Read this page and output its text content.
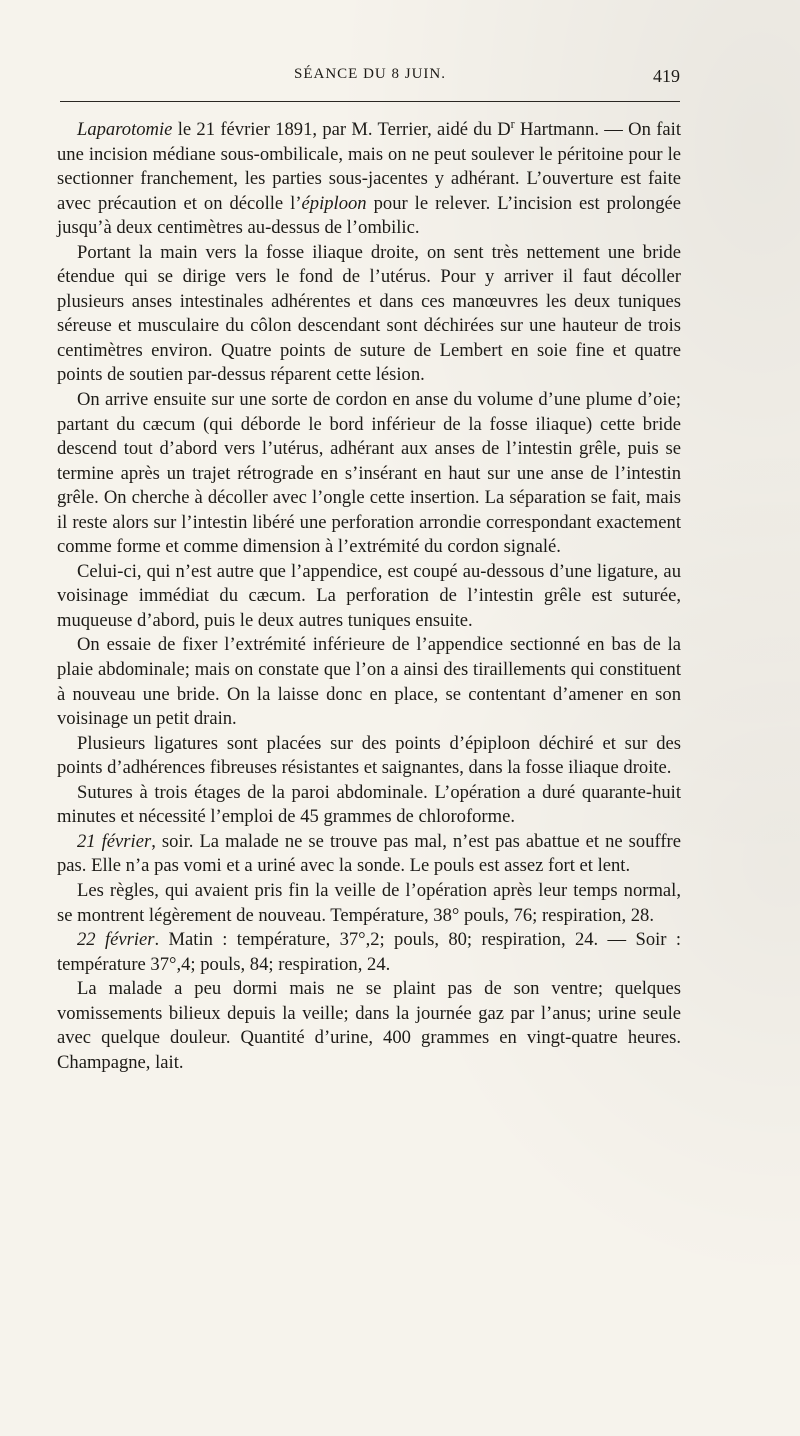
SÉANCE DU 8 JUIN.	419

Laparotomie le 21 février 1891, par M. Terrier, aidé du $D^r$ Hartmann. — On fait une incision médiane sous-ombilicale, mais on ne peut soulever le péritoine pour le sectionner franchement, les parties sous-jacentes y adhérant. L’ouverture est faite avec précaution et on décolle l’épiploon pour le relever. L’incision est prolongée jusqu’à deux centimètres au-dessus de l’ombilic.

Portant la main vers la fosse iliaque droite, on sent très nettement une bride étendue qui se dirige vers le fond de l’utérus. Pour y arriver il faut décoller plusieurs anses intestinales adhérentes et dans ces manœuvres les deux tuniques séreuse et musculaire du côlon descendant sont déchirées sur une hauteur de trois centimètres environ. Quatre points de suture de Lembert en soie fine et quatre points de soutien par-dessus réparent cette lésion.

On arrive ensuite sur une sorte de cordon en anse du volume d’une plume d’oie; partant du cæcum (qui déborde le bord inférieur de la fosse iliaque) cette bride descend tout d’abord vers l’utérus, adhérant aux anses de l’intestin grêle, puis se termine après un trajet rétrograde en s’insérant en haut sur une anse de l’intestin grêle. On cherche à décoller avec l’ongle cette insertion. La séparation se fait, mais il reste alors sur l’intestin libéré une perforation arrondie correspondant exactement comme forme et comme dimension à l’extrémité du cordon signalé.

Celui-ci, qui n’est autre que l’appendice, est coupé au-dessous d’une ligature, au voisinage immédiat du cæcum. La perforation de l’intestin grêle est suturée, muqueuse d’abord, puis le deux autres tuniques ensuite.

On essaie de fixer l’extrémité inférieure de l’appendice sectionné en bas de la plaie abdominale; mais on constate que l’on a ainsi des tiraillements qui constituent à nouveau une bride. On la laisse donc en place, se contentant d’amener en son voisinage un petit drain.

Plusieurs ligatures sont placées sur des points d’épiploon déchiré et sur des points d’adhérences fibreuses résistantes et saignantes, dans la fosse iliaque droite.

Sutures à trois étages de la paroi abdominale. L’opération a duré quarante-huit minutes et nécessité l’emploi de 45 grammes de chloroforme.

21 février, soir. La malade ne se trouve pas mal, n’est pas abattue et ne souffre pas. Elle n’a pas vomi et a uriné avec la sonde. Le pouls est assez fort et lent.

Les règles, qui avaient pris fin la veille de l’opération après leur temps normal, se montrent légèrement de nouveau. Température, 38° pouls, 76; respiration, 28.

22 février. Matin : température, 37°,2; pouls, 80; respiration, 24. — Soir : température 37°,4; pouls, 84; respiration, 24.

La malade a peu dormi mais ne se plaint pas de son ventre; quelques vomissements bilieux depuis la veille; dans la journée gaz par l’anus; urine seule avec quelque douleur. Quantité d’urine, 400 grammes en vingt-quatre heures. Champagne, lait.
